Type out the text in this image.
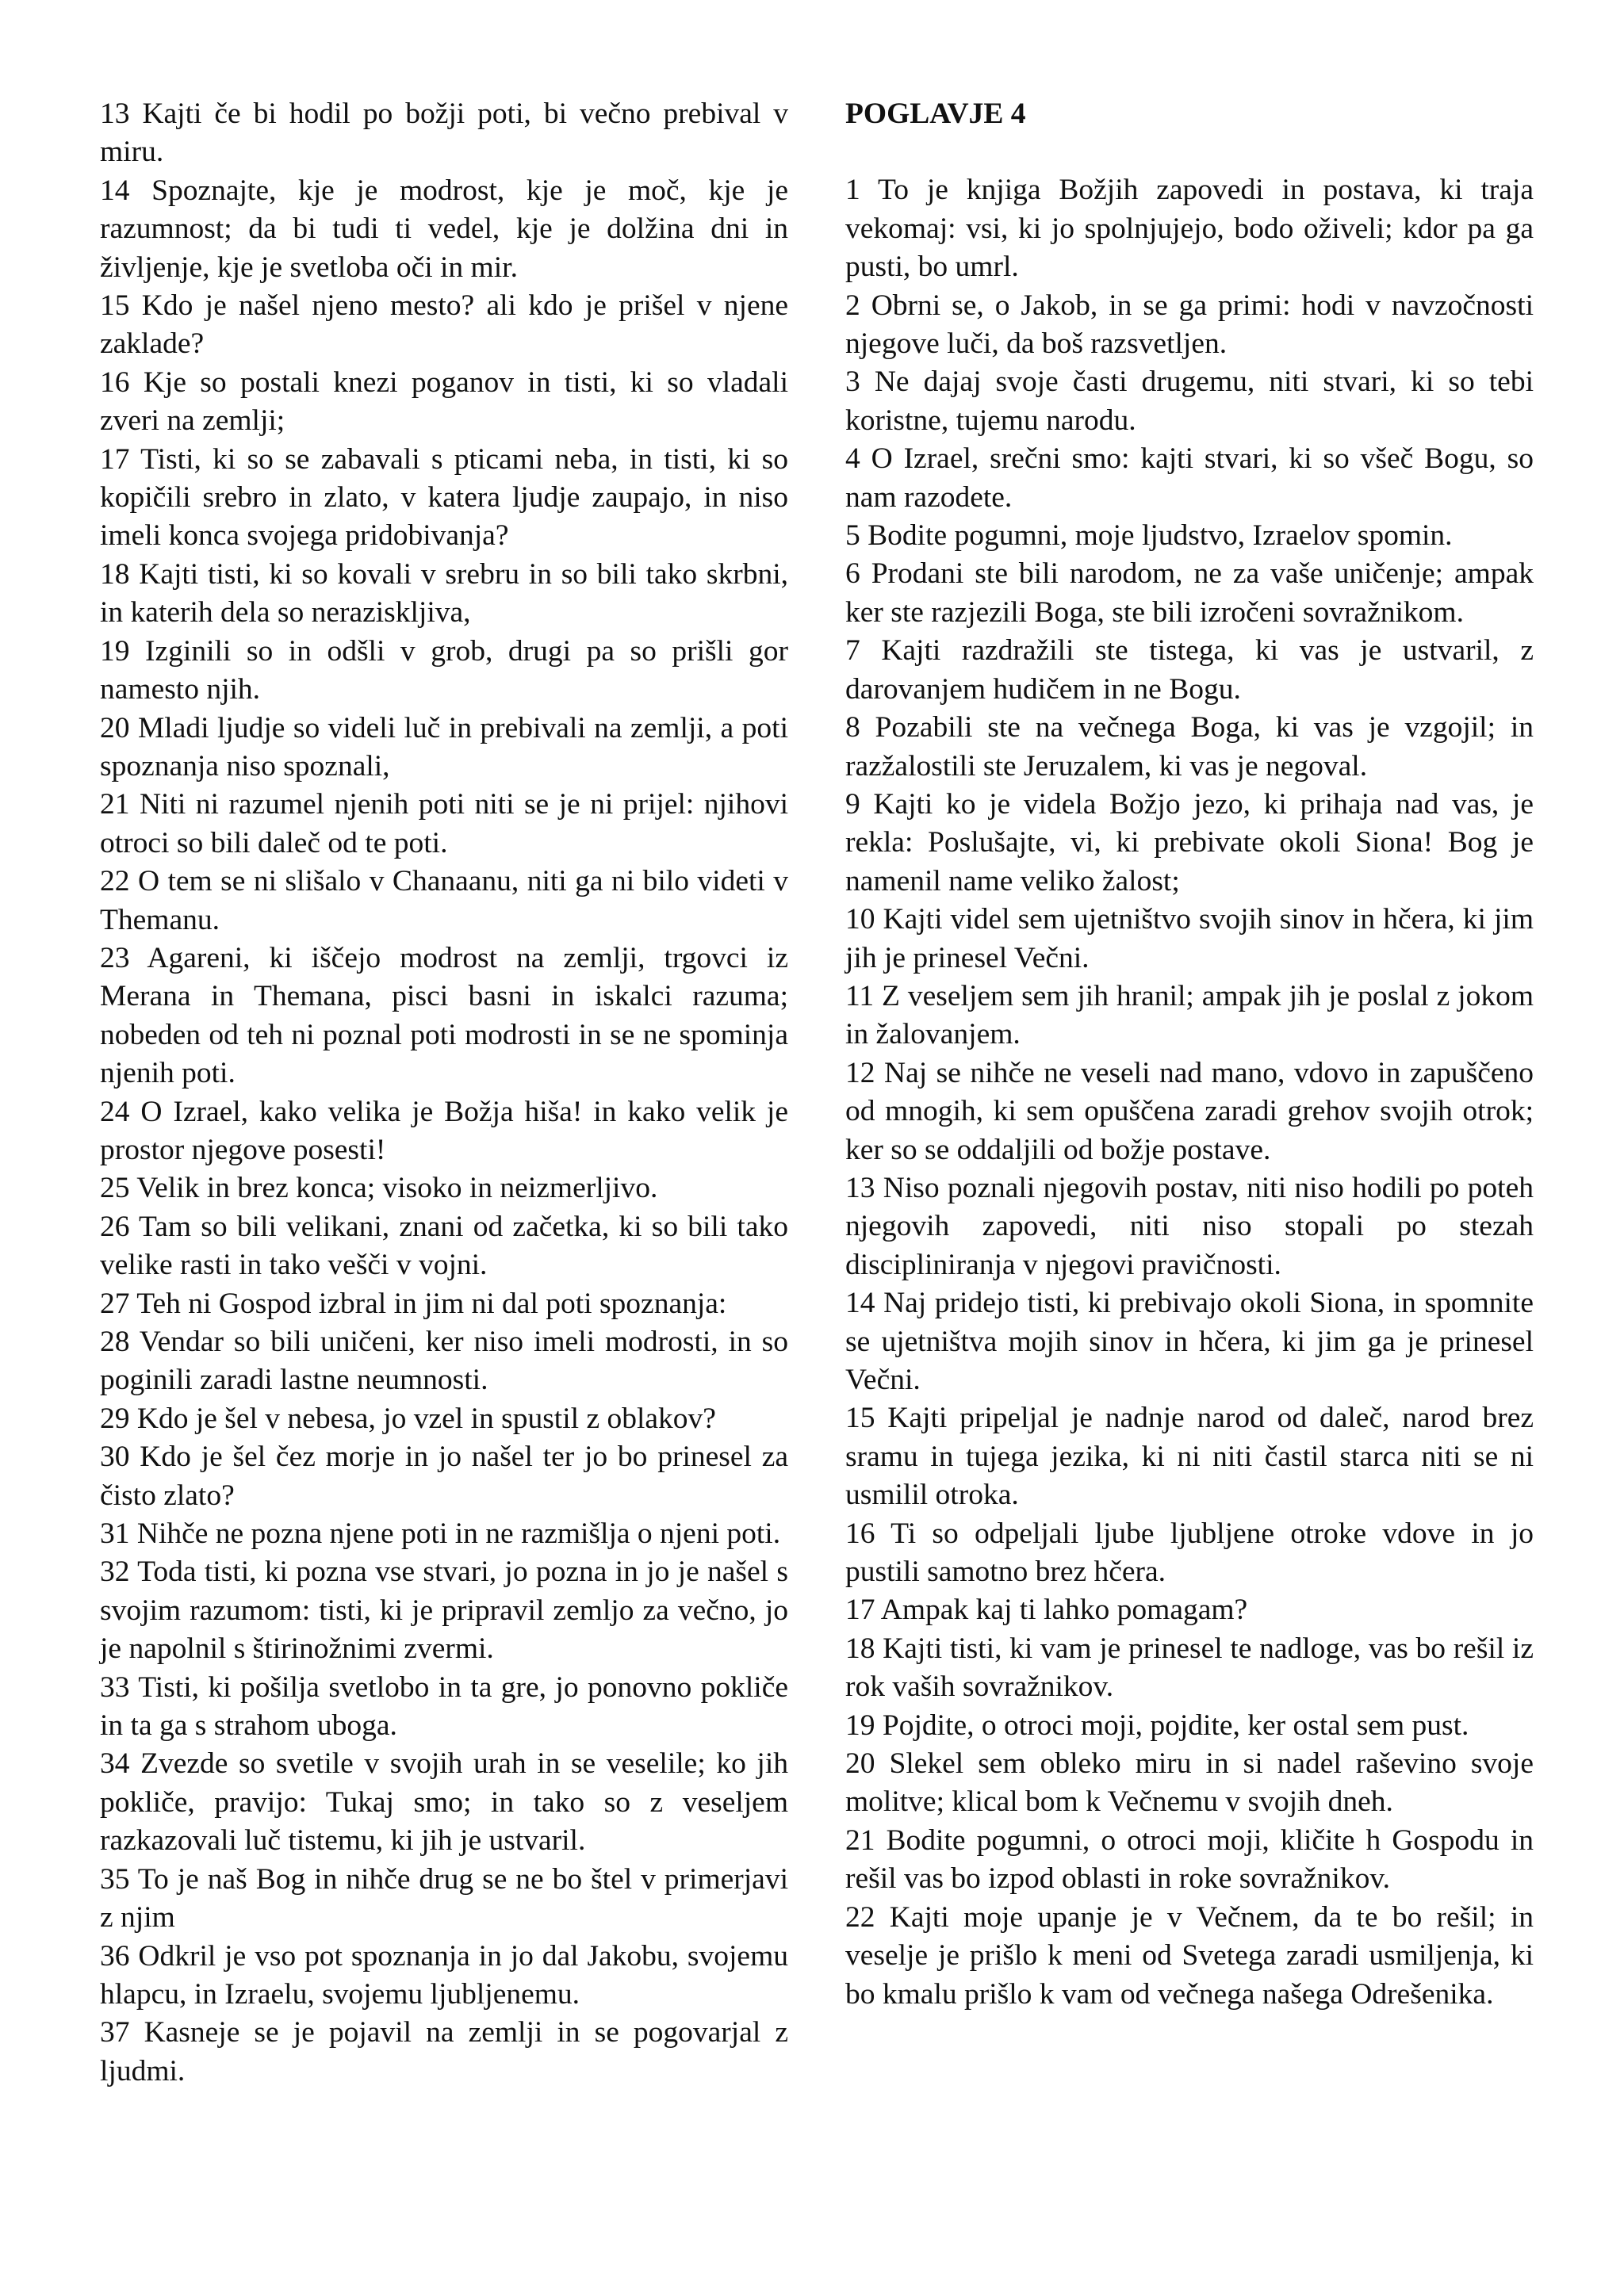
13 Kajti če bi hodil po božji poti, bi večno prebival v miru.

14 Spoznajte, kje je modrost, kje je moč, kje je razumnost; da bi tudi ti vedel, kje je dolžina dni in življenje, kje je svetloba oči in mir.

15 Kdo je našel njeno mesto? ali kdo je prišel v njene zaklade?

16 Kje so postali knezi poganov in tisti, ki so vladali zveri na zemlji;

17 Tisti, ki so se zabavali s pticami neba, in tisti, ki so kopičili srebro in zlato, v katera ljudje zaupajo, in niso imeli konca svojega pridobivanja?

18 Kajti tisti, ki so kovali v srebru in so bili tako skrbni, in katerih dela so nerazisklјiva,

19 Izginili so in odšli v grob, drugi pa so prišli gor namesto njih.

20 Mladi ljudje so videli luč in prebivali na zemlji, a poti spoznanja niso spoznali,

21 Niti ni razumel njenih poti niti se je ni prijel: njihovi otroci so bili daleč od te poti.

22 O tem se ni slišalo v Chanaanu, niti ga ni bilo videti v Themanu.

23 Agareni, ki iščejo modrost na zemlji, trgovci iz Merana in Themana, pisci basni in iskalci razuma; nobeden od teh ni poznal poti modrosti in se ne spominja njenih poti.

24 O Izrael, kako velika je Božja hiša! in kako velik je prostor njegove posesti!

25 Velik in brez konca; visoko in neizmerljivo.

26 Tam so bili velikani, znani od začetka, ki so bili tako velike rasti in tako vešči v vojni.

27 Teh ni Gospod izbral in jim ni dal poti spoznanja:

28 Vendar so bili uničeni, ker niso imeli modrosti, in so poginili zaradi lastne neumnosti.

29 Kdo je šel v nebesa, jo vzel in spustil z oblakov?

30 Kdo je šel čez morje in jo našel ter jo bo prinesel za čisto zlato?

31 Nihče ne pozna njene poti in ne razmišlja o njeni poti.

32 Toda tisti, ki pozna vse stvari, jo pozna in jo je našel s svojim razumom: tisti, ki je pripravil zemljo za večno, jo je napolnil s štirinožnimi zvermi.

33 Tisti, ki pošilja svetlobo in ta gre, jo ponovno pokliče in ta ga s strahom uboga.

34 Zvezde so svetile v svojih urah in se veselile; ko jih pokliče, pravijo: Tukaj smo; in tako so z veseljem razkazovali luč tistemu, ki jih je ustvaril.

35 To je naš Bog in nihče drug se ne bo štel v primerjavi z njim

36 Odkril je vso pot spoznanja in jo dal Jakobu, svojemu hlapcu, in Izraelu, svojemu ljubljenemu.

37 Kasneje se je pojavil na zemlji in se pogovarjal z ljudmi.

POGLAVJE 4

1 To je knjiga Božjih zapovedi in postava, ki traja vekomaj: vsi, ki jo spolnjujejo, bodo oživeli; kdor pa ga pusti, bo umrl.

2 Obrni se, o Jakob, in se ga primi: hodi v navzočnosti njegove luči, da boš razsvetljen.

3 Ne dajaj svoje časti drugemu, niti stvari, ki so tebi koristne, tujemu narodu.

4 O Izrael, srečni smo: kajti stvari, ki so všeč Bogu, so nam razodete.

5 Bodite pogumni, moje ljudstvo, Izraelov spomin.

6 Prodani ste bili narodom, ne za vaše uničenje; ampak ker ste razjezili Boga, ste bili izročeni sovražnikom.

7 Kajti razdražili ste tistega, ki vas je ustvaril, z darovanjem hudičem in ne Bogu.

8 Pozabili ste na večnega Boga, ki vas je vzgojil; in razžalostili ste Jeruzalem, ki vas je negoval.

9 Kajti ko je videla Božjo jezo, ki prihaja nad vas, je rekla: Poslušajte, vi, ki prebivate okoli Siona! Bog je namenil name veliko žalost;

10 Kajti videl sem ujetništvo svojih sinov in hčera, ki jim jih je prinesel Večni.

11 Z veseljem sem jih hranil; ampak jih je poslal z jokom in žalovanjem.

12 Naj se nihče ne veseli nad mano, vdovo in zapuščeno od mnogih, ki sem opuščena zaradi grehov svojih otrok; ker so se oddaljili od božje postave.

13 Niso poznali njegovih postav, niti niso hodili po poteh njegovih zapovedi, niti niso stopali po stezah discipliniranja v njegovi pravičnosti.

14 Naj pridejo tisti, ki prebivajo okoli Siona, in spomnite se ujetništva mojih sinov in hčera, ki jim ga je prinesel Večni.

15 Kajti pripeljal je nadnje narod od daleč, narod brez sramu in tujega jezika, ki ni niti častil starca niti se ni usmilil otroka.

16 Ti so odpeljali ljube ljubljene otroke vdove in jo pustili samotno brez hčera.

17 Ampak kaj ti lahko pomagam?

18 Kajti tisti, ki vam je prinesel te nadloge, vas bo rešil iz rok vaših sovražnikov.

19 Pojdite, o otroci moji, pojdite, ker ostal sem pust.

20 Slekel sem obleko miru in si nadel raševino svoje molitve; klical bom k Večnemu v svojih dneh.

21 Bodite pogumni, o otroci moji, kličite h Gospodu in rešil vas bo izpod oblasti in roke sovražnikov.

22 Kajti moje upanje je v Večnem, da te bo rešil; in veselje je prišlo k meni od Svetega zaradi usmiljenja, ki bo kmalu prišlo k vam od večnega našega Odrešenika.
